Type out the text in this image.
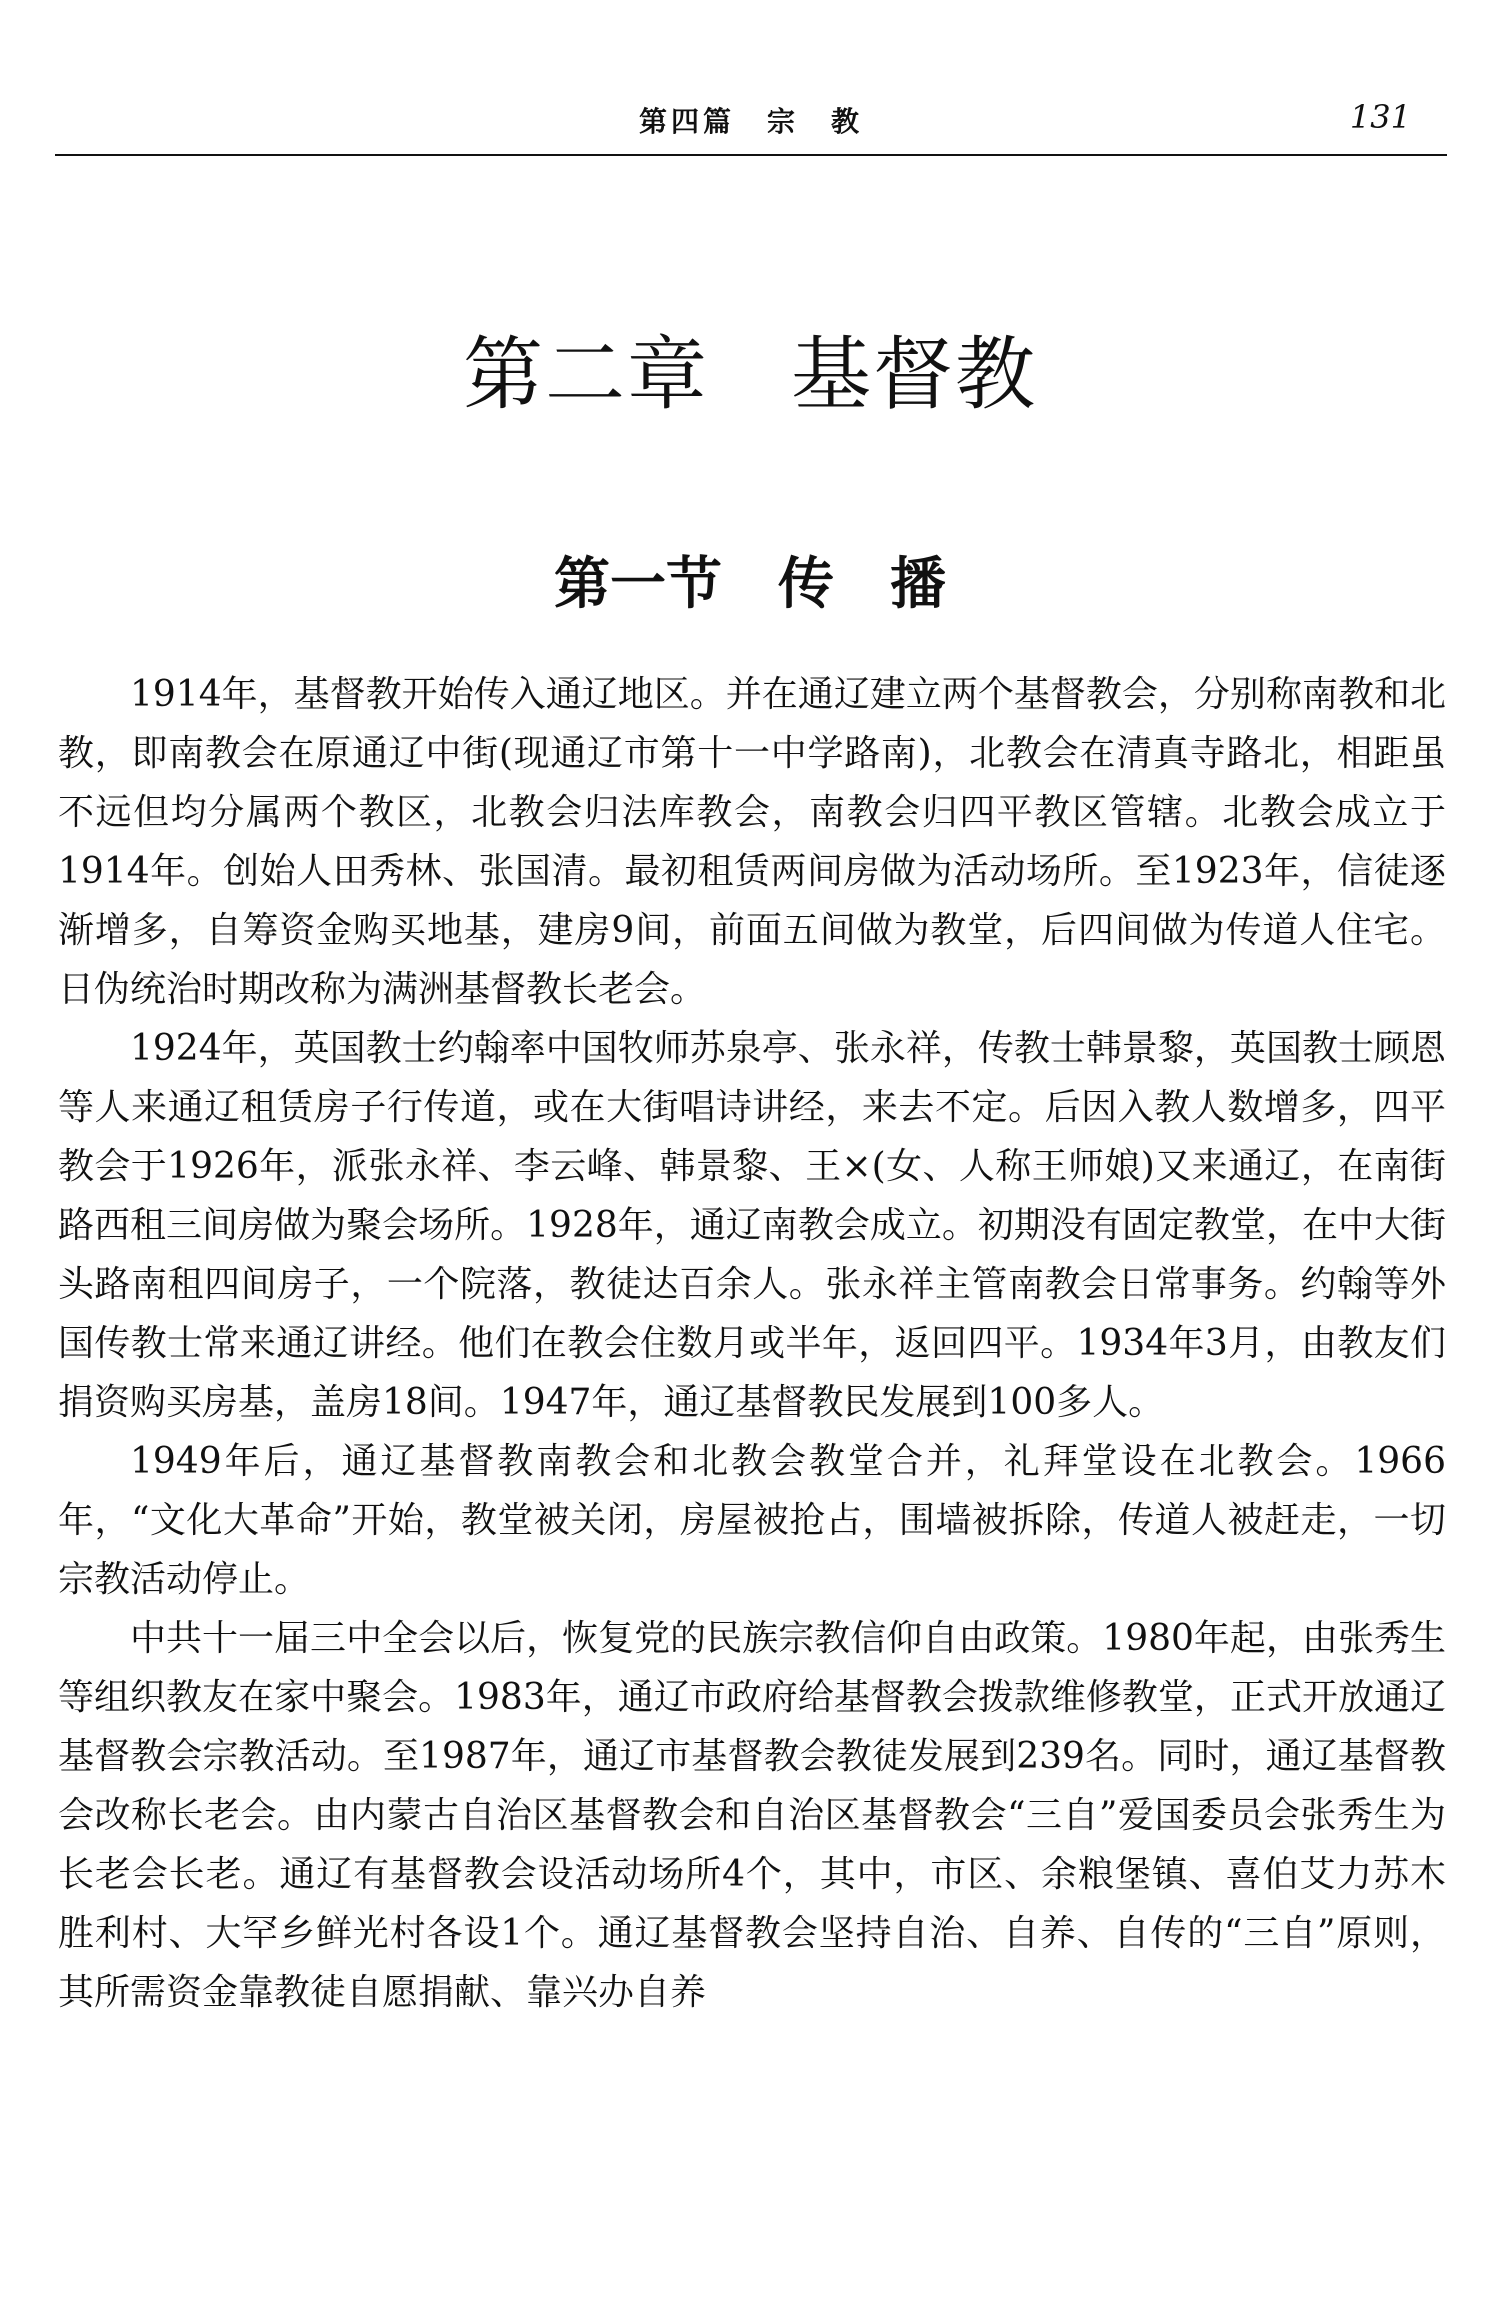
第四篇　宗　教	131
第二章　基督教
第一节　传　播

1914年，基督教开始传入通辽地区。并在通辽建立两个基督教会，分别称南教和北教，即南教会在原通辽中街(现通辽市第十一中学路南)，北教会在清真寺路北，相距虽不远但均分属两个教区，北教会归法库教会，南教会归四平教区管辖。北教会成立于1914年。创始人田秀林、张国清。最初租赁两间房做为活动场所。至1923年，信徒逐渐增多，自筹资金购买地基，建房9间，前面五间做为教堂，后四间做为传道人住宅。日伪统治时期改称为满洲基督教长老会。

1924年，英国教士约翰率中国牧师苏泉亭、张永祥，传教士韩景黎，英国教士顾恩等人来通辽租赁房子行传道，或在大街唱诗讲经，来去不定。后因入教人数增多，四平教会于1926年，派张永祥、李云峰、韩景黎、王×(女、人称王师娘)又来通辽，在南街路西租三间房做为聚会场所。1928年，通辽南教会成立。初期没有固定教堂，在中大街头路南租四间房子，一个院落，教徒达百余人。张永祥主管南教会日常事务。约翰等外国传教士常来通辽讲经。他们在教会住数月或半年，返回四平。1934年3月，由教友们捐资购买房基，盖房18间。1947年，通辽基督教民发展到100多人。

1949年后，通辽基督教南教会和北教会教堂合并，礼拜堂设在北教会。1966年，“文化大革命”开始，教堂被关闭，房屋被抢占，围墙被拆除，传道人被赶走，一切宗教活动停止。

中共十一届三中全会以后，恢复党的民族宗教信仰自由政策。1980年起，由张秀生等组织教友在家中聚会。1983年，通辽市政府给基督教会拨款维修教堂，正式开放通辽基督教会宗教活动。至1987年，通辽市基督教会教徒发展到239名。同时，通辽基督教会改称长老会。由内蒙古自治区基督教会和自治区基督教会“三自”爱国委员会张秀生为长老会长老。通辽有基督教会设活动场所4个，其中，市区、余粮堡镇、喜伯艾力苏木胜利村、大罕乡鲜光村各设1个。通辽基督教会坚持自治、自养、自传的“三自”原则，其所需资金靠教徒自愿捐献、靠兴办自养
